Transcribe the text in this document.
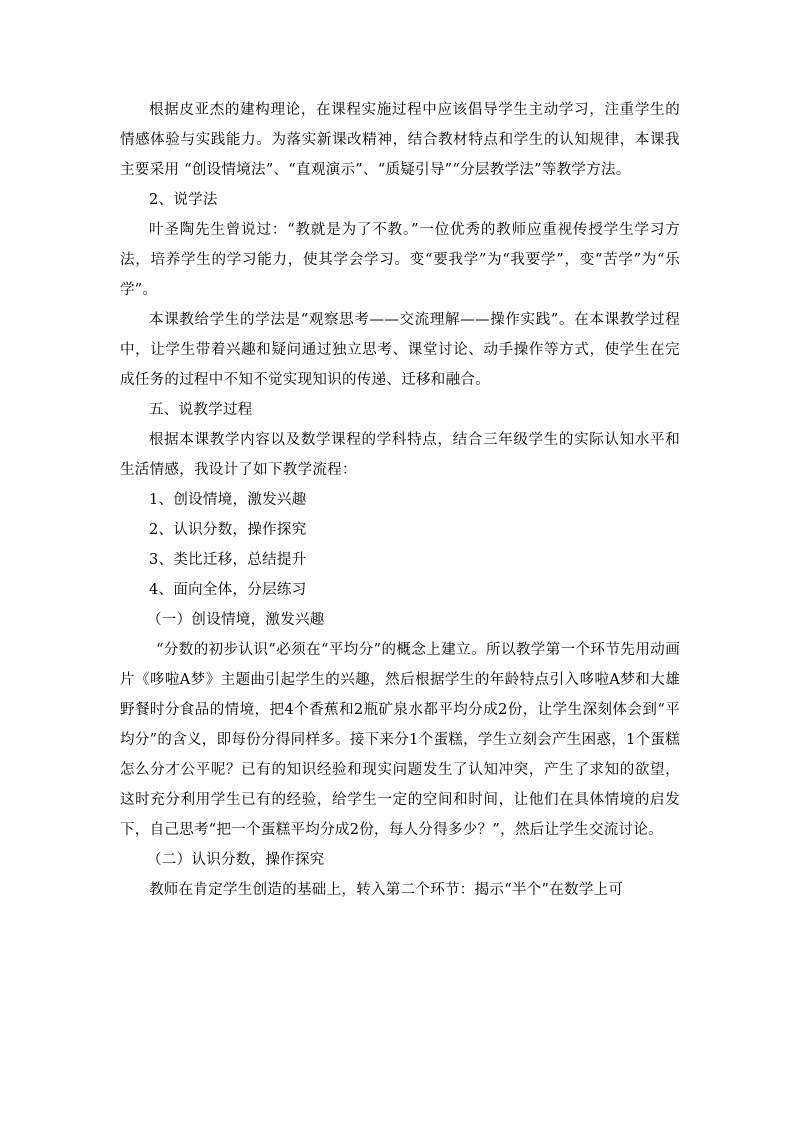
根据皮亚杰的建构理论，在课程实施过程中应该倡导学生主动学习，注重学生的情感体验与实践能力。为落实新课改精神，结合教材特点和学生的认知规律，本课我主要采用 “创设情境法”、“直观演示”、“质疑引导”“分层教学法”等教学方法。

2、说学法

叶圣陶先生曾说过：“教就是为了不教。”一位优秀的教师应重视传授学生学习方法，培养学生的学习能力，使其学会学习。变“要我学”为“我要学”，变“苦学”为“乐学”。

本课教给学生的学法是“观察思考——交流理解——操作实践”。在本课教学过程中，让学生带着兴趣和疑问通过独立思考、课堂讨论、动手操作等方式，使学生在完成任务的过程中不知不觉实现知识的传递、迁移和融合。

五、说教学过程

根据本课教学内容以及数学课程的学科特点，结合三年级学生的实际认知水平和生活情感，我设计了如下教学流程：

1、创设情境，激发兴趣

2、认识分数，操作探究

3、类比迁移，总结提升

4、面向全体，分层练习

（一）创设情境，激发兴趣

“分数的初步认识”必须在“平均分”的概念上建立。所以教学第一个环节先用动画片《哆啦A梦》主题曲引起学生的兴趣，然后根据学生的年龄特点引入哆啦A梦和大雄野餐时分食品的情境，把4个香蕉和2瓶矿泉水都平均分成2份，让学生深刻体会到“平均分”的含义，即每份分得同样多。接下来分1个蛋糕，学生立刻会产生困惑，1个蛋糕怎么分才公平呢？已有的知识经验和现实问题发生了认知冲突，产生了求知的欲望，这时充分利用学生已有的经验，给学生一定的空间和时间，让他们在具体情境的启发下，自己思考“把一个蛋糕平均分成2份，每人分得多少？”，然后让学生交流讨论。

（二）认识分数，操作探究

教师在肯定学生创造的基础上，转入第二个环节：揭示“半个”在数学上可
